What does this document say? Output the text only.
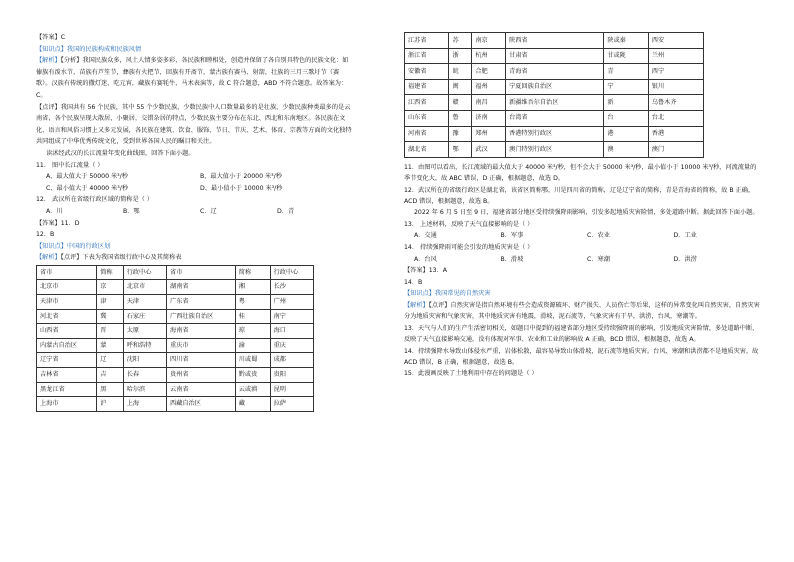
【答案】C

【知识点】我国的民族构成和民族风情

【解析】【分析】我国民族众多，风土人情多姿多彩，各民族和睦相处，创造并保留了各自别具特色的民族文化：如傣族有泼水节，苗族有芦笙节，彝族有火把节，回族有开斋节，蒙古族有赛马、射箭，壮族的三月三歌圩节（赛歌）。汉族有传统的撒灯迷、吃元宵，藏族有赛牦牛、马术表演等，故 C 符合题意，ABD 不符合题意。故答案为：C。

【点评】我国共有 56 个民族，其中 55 个少数民族，少数民族中人口数量最多的是壮族，少数民族种类最多的是云南省，各个民族呈现大散居，小聚居，交错杂居的特点，少数民族主要分布在东北、西北和东南地区。各民族在文化、语言和风俗习惯上又多元发展，各民族在建筑、饮食、服饰、节日、节庆、艺术、体育、宗教等方面的文化独特共同组成了中华优秀传统文化，受到世界各国人民的瞩目和关注。

读沭经武汉的长江流量年变化曲线图，回答下面小题。

11． 图中长江流量（ ）

A、最大值大于 50000 米³/秒	B、最大值小于 20000 米³/秒
C、最小值大于 40000 米³/秒	D、最小值小于 10000 米³/秒

12． 武汉所在省级行政区域的简称是（ ）

A．川	B．鄂	C．辽	D．青

【答案】11．D

12．B

【知识点】中国的行政区划

【解析】【点评】下表为我国省级行政中心及其简称表

省市	简称	行政中心	省市	简称	行政中心
北京市	京	北京市	湖南省	湘	长沙
天津市	津	天津	广东省	粤	广州
河北省	冀	石家庄	广西壮族自治区	桂	南宁
山西省	晋	太原	海南省	琼	海口
内蒙古自治区	蒙	呼和浩特	重庆市	渝	重庆
辽宁省	辽	沈阳	四川省	川或蜀	成都
吉林省	吉	长春	贵州省	黔或贵	贵阳
黑龙江省	黑	哈尔滨	云南省	云或滇	昆明
上海市	沪	上海	西藏自治区	藏	拉萨
江苏省	苏	南京	陕西省	陕或秦	西安
浙江省	浙	杭州	甘肃省	甘或陇	兰州
安徽省	皖	合肥	青海省	青	西宁
福建省	闽	福州	宁夏回族自治区	宁	银川
江西省	赣	南昌	新疆维吾尔自治区	新	乌鲁木齐
山东省	鲁	济南	台湾省	台	台北
河南省	豫	郑州	香港特别行政区	港	香港
湖北省	鄂	武汉	澳门特别行政区	澳	澳门

11．由图可以看出，长江流域的最大值大于 40000 米³/秒，但不会大于 50000 米³/秒，最小值小于 10000 米³/秒，河流流量的季节变化大，故 ABC 错误，D 正确，根据题意，故选 D。

12．武汉所在的省级行政区是湖北省，该省区简称鄂，川是四川省的简称，辽是辽宁省的简称，青是青海省的简称，故 B 正确，ACD 错误，根据题意，故选 B。

2022 年 6 月 5 日至 9 日，福建省部分地区受持续强降雨影响，引发多起地质灾害险情，多处道路中断。据此回答下面小题。

13． 上述材料，反映了天气直接影响的是（ ）

A．交通	B．军事	C．农业	D．工业

14． 持续强降雨可能会引发的地质灾害是（ ）

A．台风	B．滑坡	C．寒潮	D．洪涝

【答案】13．A

14．B

【知识点】我国常见的自然灾害

【解析】【点评】自然灾害是指自然环境有些会造成资源破坏、财产损失、人员伤亡等后果，这样的异常变化叫自然灾害，自然灾害分为地质灾害和气象灾害，其中地质灾害有地震，滑坡，泥石流等，气象灾害有干旱，洪涝，台风，寒潮等。

13．天气与人们的生产生活密切相关，如题目中提到的福建省部分地区受持续强降雨的影响，引发地质灾害险情，多处道路中断，反映了天气直接影响交通，没有体现对军事、农业和工业的影响故 A 正确，BCD 错误，根据题意，故选 A。

14．持续强降水导致山体侵水严重，岩体松散，最容易导致山体滑坡，泥石流等地质灾害。台风、寒潮和洪涝都不是地质灾害，故 ACD 错误，B 正确，根据题意，故选 B。

15．此漫画反映了土地利用中存在的问题是（ ）
